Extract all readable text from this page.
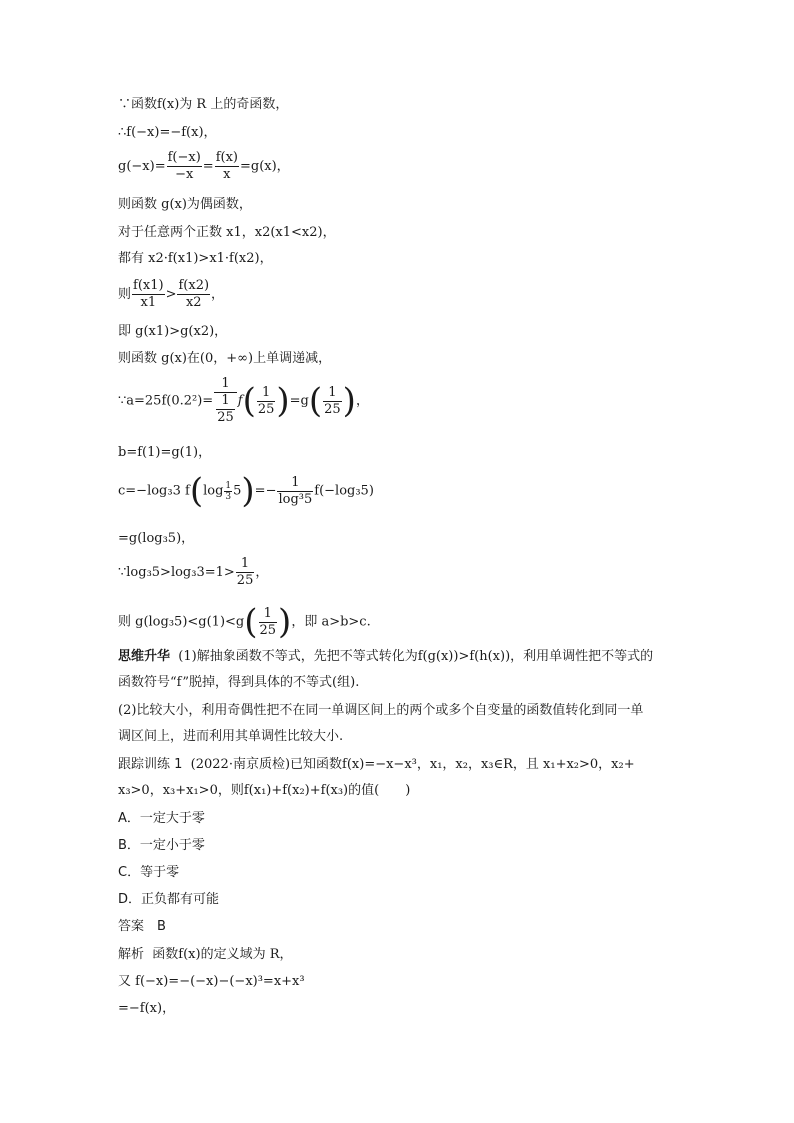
∵函数f(x)为 R 上的奇函数，
∴f(−x)=−f(x)，
$g(-x)= \frac{f(-x)}{-x} = \frac{f(x)}{x} =g(x)$，
则函数 g(x)为偶函数，
对于任意两个正数 x1，x2(x1<x2)，
都有 x2·f(x1)>x1·f(x2)，
则 $\frac{f(x1)}{x1} > \frac{f(x2)}{x2}$ ，
即 g(x1)>g(x2)，
则函数 g(x)在(0，+∞)上单调递减，
∵a=25f(0.2²)= $\frac{1}{\frac{1}{25}} f( \frac{1}{25} )=g( \frac{1}{25}$ )，
b=f(1)=g(1)，
c=−log₃3 $f(\log \frac{1}{3} 5)=- \frac{1}{\text{log³5}} f(-\log_35)$
=g(log₃5)，
∵log₃5>log₃3=1> $\frac{1}{25}$ ，
则 $g(\log_35)<g(1)<g( \frac{1}{25}$ )，即 a>b>c.
思维升华 (1)解抽象函数不等式，先把不等式转化为f(g(x))>f(h(x))，利用单调性把不等式的
函数符号“f”脱掉，得到具体的不等式(组).
(2)比较大小，利用奇偶性把不在同一单调区间上的两个或多个自变量的函数值转化到同一单
调区间上，进而利用其单调性比较大小.
跟踪训练 1 (2022·南京质检)已知函数f(x)=−x−x³，x₁，x₂，x₃∈R，且 x₁+x₂>0，x₂+
x₃>0，x₃+x₁>0，则f(x₁)+f(x₂)+f(x₃)的值(　　)
A．一定大于零
B．一定小于零
C．等于零
D．正负都有可能
答案　B
解析 函数f(x)的定义域为 R，
又 f(−x)=−(−x)−(−x)³=x+x³
=−f(x)，
